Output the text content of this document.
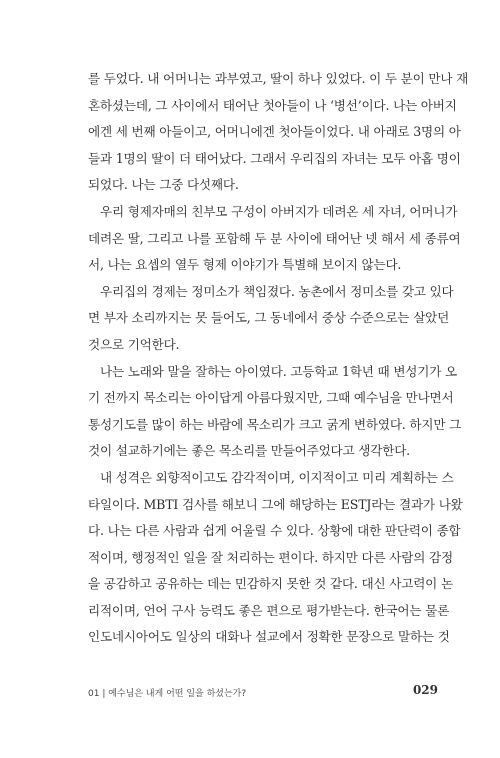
를 두었다. 내 어머니는 과부였고, 딸이 하나 있었다. 이 두 분이 만나 재
혼하셨는데, 그 사이에서 태어난 첫아들이 나 ‘병선’이다. 나는 아버지
에겐 세 번째 아들이고, 어머니에겐 첫아들이었다. 내 아래로 3명의 아
들과 1명의 딸이 더 태어났다. 그래서 우리집의 자녀는 모두 아홉 명이
되었다. 나는 그중 다섯째다.
우리 형제자매의 친부모 구성이 아버지가 데려온 세 자녀, 어머니가
데려온 딸, 그리고 나를 포함해 두 분 사이에 태어난 넷 해서 세 종류여
서, 나는 요셉의 열두 형제 이야기가 특별해 보이지 않는다.
우리집의 경제는 정미소가 책임졌다. 농촌에서 정미소를 갖고 있다
면 부자 소리까지는 못 들어도, 그 동네에서 중상 수준으로는 살았던
것으로 기억한다.
나는 노래와 말을 잘하는 아이였다. 고등학교 1학년 때 변성기가 오
기 전까지 목소리는 아이답게 아름다웠지만, 그때 예수님을 만나면서
통성기도를 많이 하는 바람에 목소리가 크고 굵게 변하였다. 하지만 그
것이 설교하기에는 좋은 목소리를 만들어주었다고 생각한다.
내 성격은 외향적이고도 감각적이며, 이지적이고 미리 계획하는 스
타일이다. MBTI 검사를 해보니 그에 해당하는 ESTJ라는 결과가 나왔
다. 나는 다른 사람과 쉽게 어울릴 수 있다. 상황에 대한 판단력이 종합
적이며, 행정적인 일을 잘 처리하는 편이다. 하지만 다른 사람의 감정
을 공감하고 공유하는 데는 민감하지 못한 것 같다. 대신 사고력이 논
리적이며, 언어 구사 능력도 좋은 편으로 평가받는다. 한국어는 물론
인도네시아어도 일상의 대화나 설교에서 정확한 문장으로 말하는 것
01 | 예수님은 내게 어떤 일을 하셨는가?	029
